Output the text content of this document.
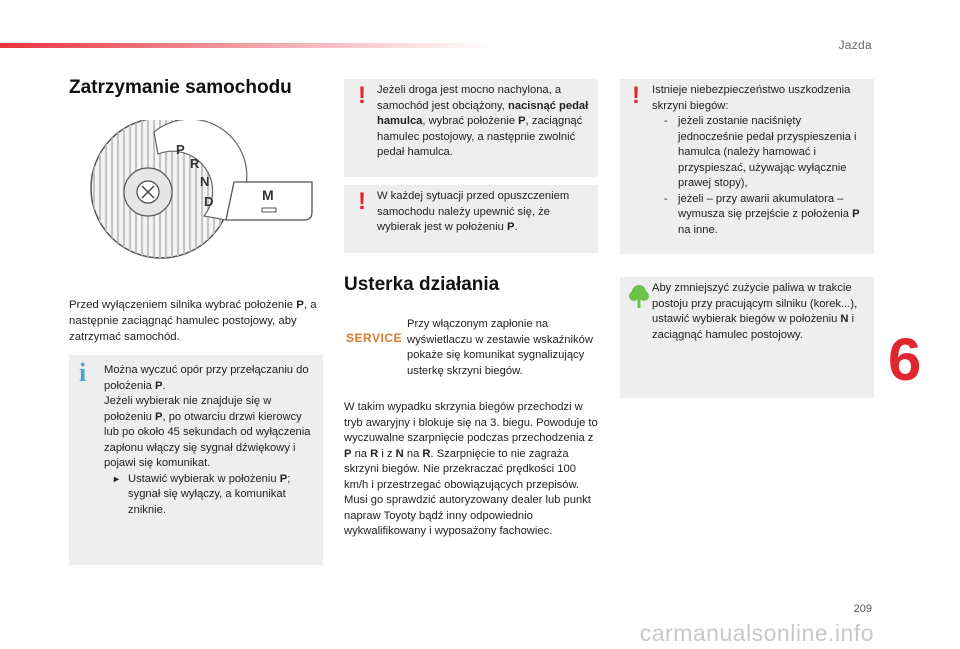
Jazda
Zatrzymanie samochodu
P
R
N
D	M
Przed wyłączeniem silnika wybrać położenie P, a następnie zaciągnąć hamulec postojowy, aby zatrzymać samochód.
i Można wyczuć opór przy przełączaniu do położenia P.
Jeżeli wybierak nie znajduje się w położeniu P, po otwarciu drzwi kierowcy lub po około 45 sekundach od wyłączenia zapłonu włączy się sygnał dźwiękowy i pojawi się komunikat.
► Ustawić wybierak w położeniu P; sygnał się wyłączy, a komunikat zniknie.
! Jeżeli droga jest mocno nachylona, a samochód jest obciążony, nacisnąć pedał hamulca, wybrać położenie P, zaciągnąć hamulec postojowy, a następnie zwolnić pedał hamulca.
! W każdej sytuacji przed opuszczeniem samochodu należy upewnić się, że wybierak jest w położeniu P.
Usterka działania
SERVICE
Przy włączonym zapłonie na wyświetlaczu w zestawie wskaźników pokaże się komunikat sygnalizujący usterkę skrzyni biegów.
W takim wypadku skrzynia biegów przechodzi w tryb awaryjny i blokuje się na 3. biegu. Powoduje to wyczuwalne szarpnięcie podczas przechodzenia z P na R i z N na R. Szarpnięcie to nie zagraża skrzyni biegów. Nie przekraczać prędkości 100 km/h i przestrzegać obowiązujących przepisów. Musi go sprawdzić autoryzowany dealer lub punkt napraw Toyoty bądź inny odpowiednio wykwalifikowany i wyposażony fachowiec.
! Istnieje niebezpieczeństwo uszkodzenia skrzyni biegów:
- jeżeli zostanie naciśnięty jednocześnie pedał przyspieszenia i hamulca (należy hamować i przyspieszać, używając wyłącznie prawej stopy),
- jeżeli – przy awarii akumulatora – wymusza się przejście z położenia P na inne.
Aby zmniejszyć zużycie paliwa w trakcie postoju przy pracującym silniku (korek...), ustawić wybierak biegów w położeniu N i zaciągnąć hamulec postojowy.	6
209
carmanualsonline.info
